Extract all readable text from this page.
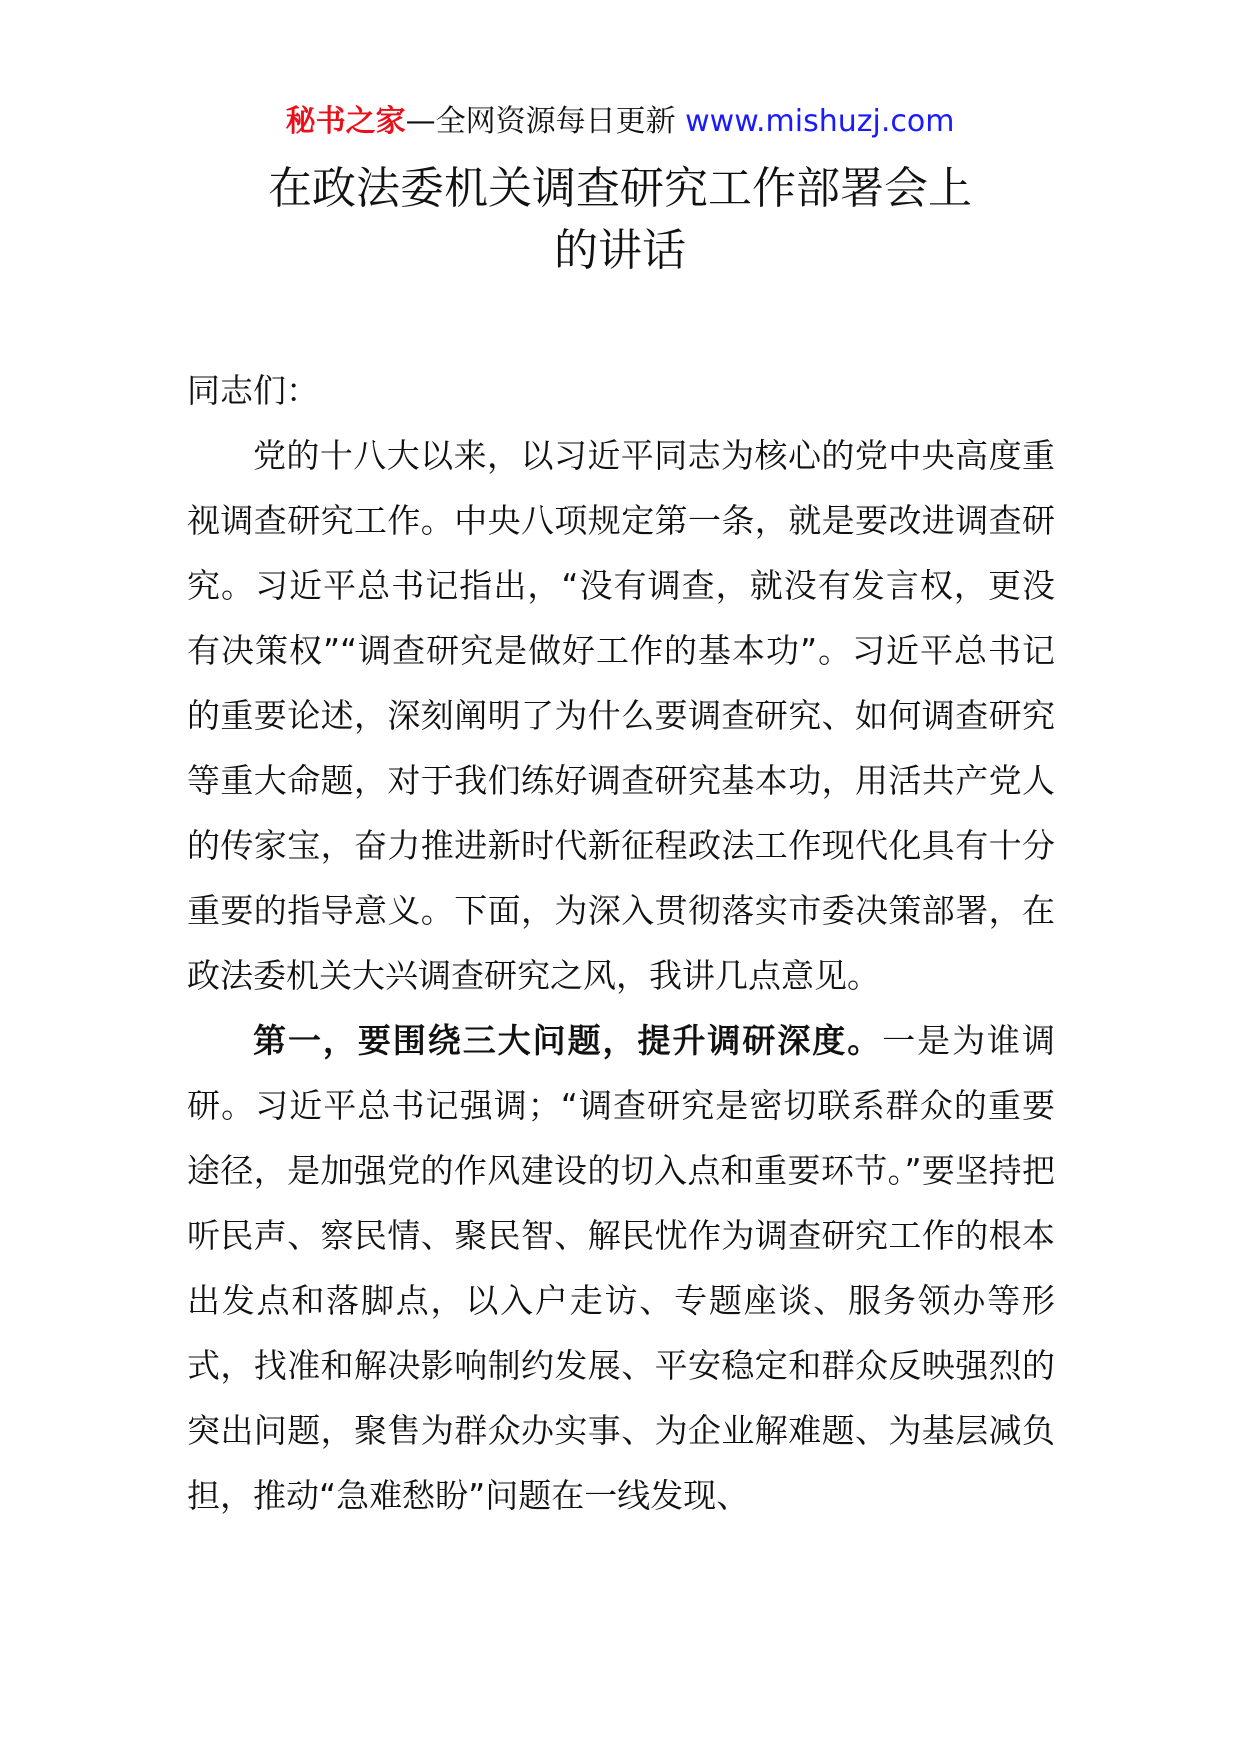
秘书之家—全网资源每日更新 www.mishuzj.com
在政法委机关调查研究工作部署会上
的讲话

同志们：

党的十八大以来，以习近平同志为核心的党中央高度重视调查研究工作。中央八项规定第一条，就是要改进调查研究。习近平总书记指出，“没有调查，就没有发言权，更没有决策权”“调查研究是做好工作的基本功”。习近平总书记的重要论述，深刻阐明了为什么要调查研究、如何调查研究等重大命题，对于我们练好调查研究基本功，用活共产党人的传家宝，奋力推进新时代新征程政法工作现代化具有十分重要的指导意义。下面，为深入贯彻落实市委决策部署，在政法委机关大兴调查研究之风，我讲几点意见。

第一，要围绕三大问题，提升调研深度。一是为谁调研。习近平总书记强调；“调查研究是密切联系群众的重要途径，是加强党的作风建设的切入点和重要环节。”要坚持把听民声、察民情、聚民智、解民忧作为调查研究工作的根本出发点和落脚点，以入户走访、专题座谈、服务领办等形式，找准和解决影响制约发展、平安稳定和群众反映强烈的突出问题，聚售为群众办实事、为企业解难题、为基层减负担，推动“急难愁盼”问题在一线发现、
